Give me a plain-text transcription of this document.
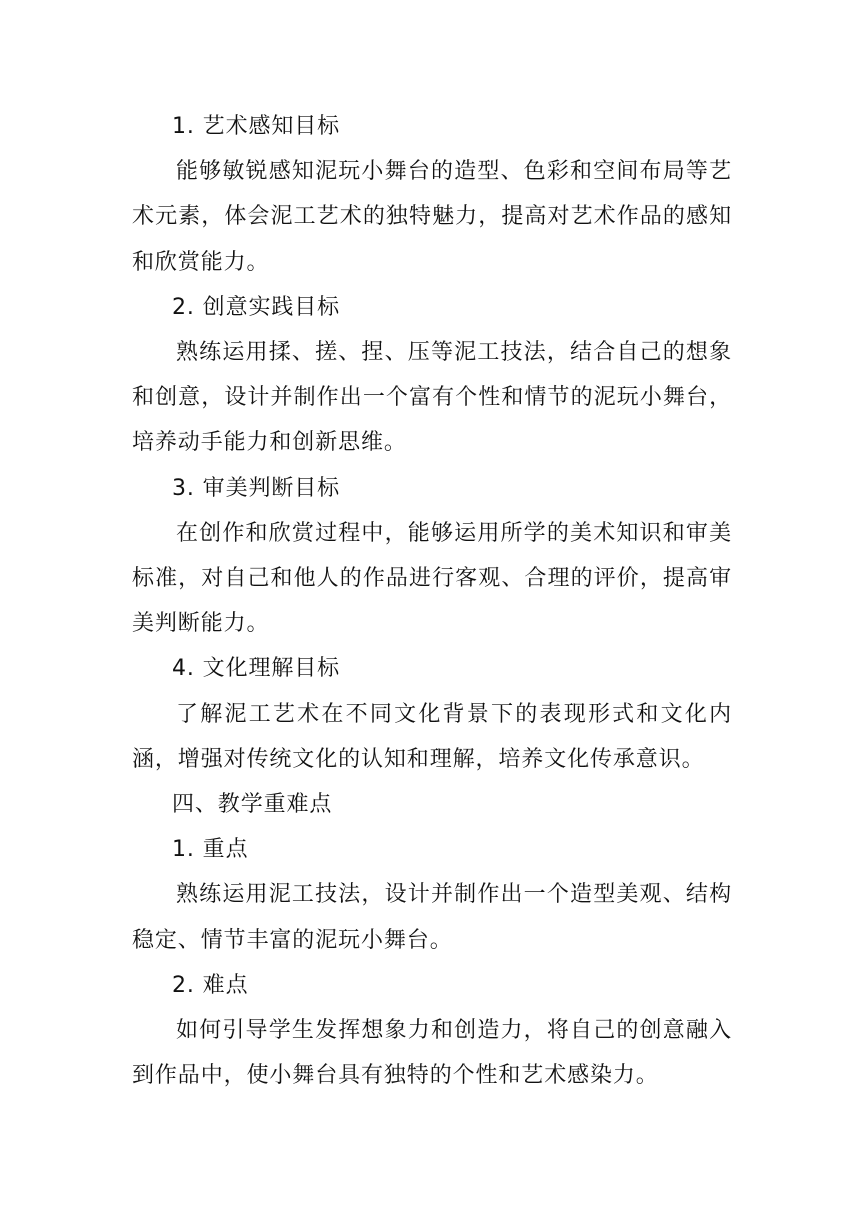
1. 艺术感知目标

能够敏锐感知泥玩小舞台的造型、色彩和空间布局等艺术元素，体会泥工艺术的独特魅力，提高对艺术作品的感知和欣赏能力。

2. 创意实践目标

熟练运用揉、搓、捏、压等泥工技法，结合自己的想象和创意，设计并制作出一个富有个性和情节的泥玩小舞台，培养动手能力和创新思维。

3. 审美判断目标

在创作和欣赏过程中，能够运用所学的美术知识和审美标准，对自己和他人的作品进行客观、合理的评价，提高审美判断能力。

4. 文化理解目标

了解泥工艺术在不同文化背景下的表现形式和文化内涵，增强对传统文化的认知和理解，培养文化传承意识。

四、教学重难点

1. 重点

熟练运用泥工技法，设计并制作出一个造型美观、结构稳定、情节丰富的泥玩小舞台。

2. 难点

如何引导学生发挥想象力和创造力，将自己的创意融入到作品中，使小舞台具有独特的个性和艺术感染力。
